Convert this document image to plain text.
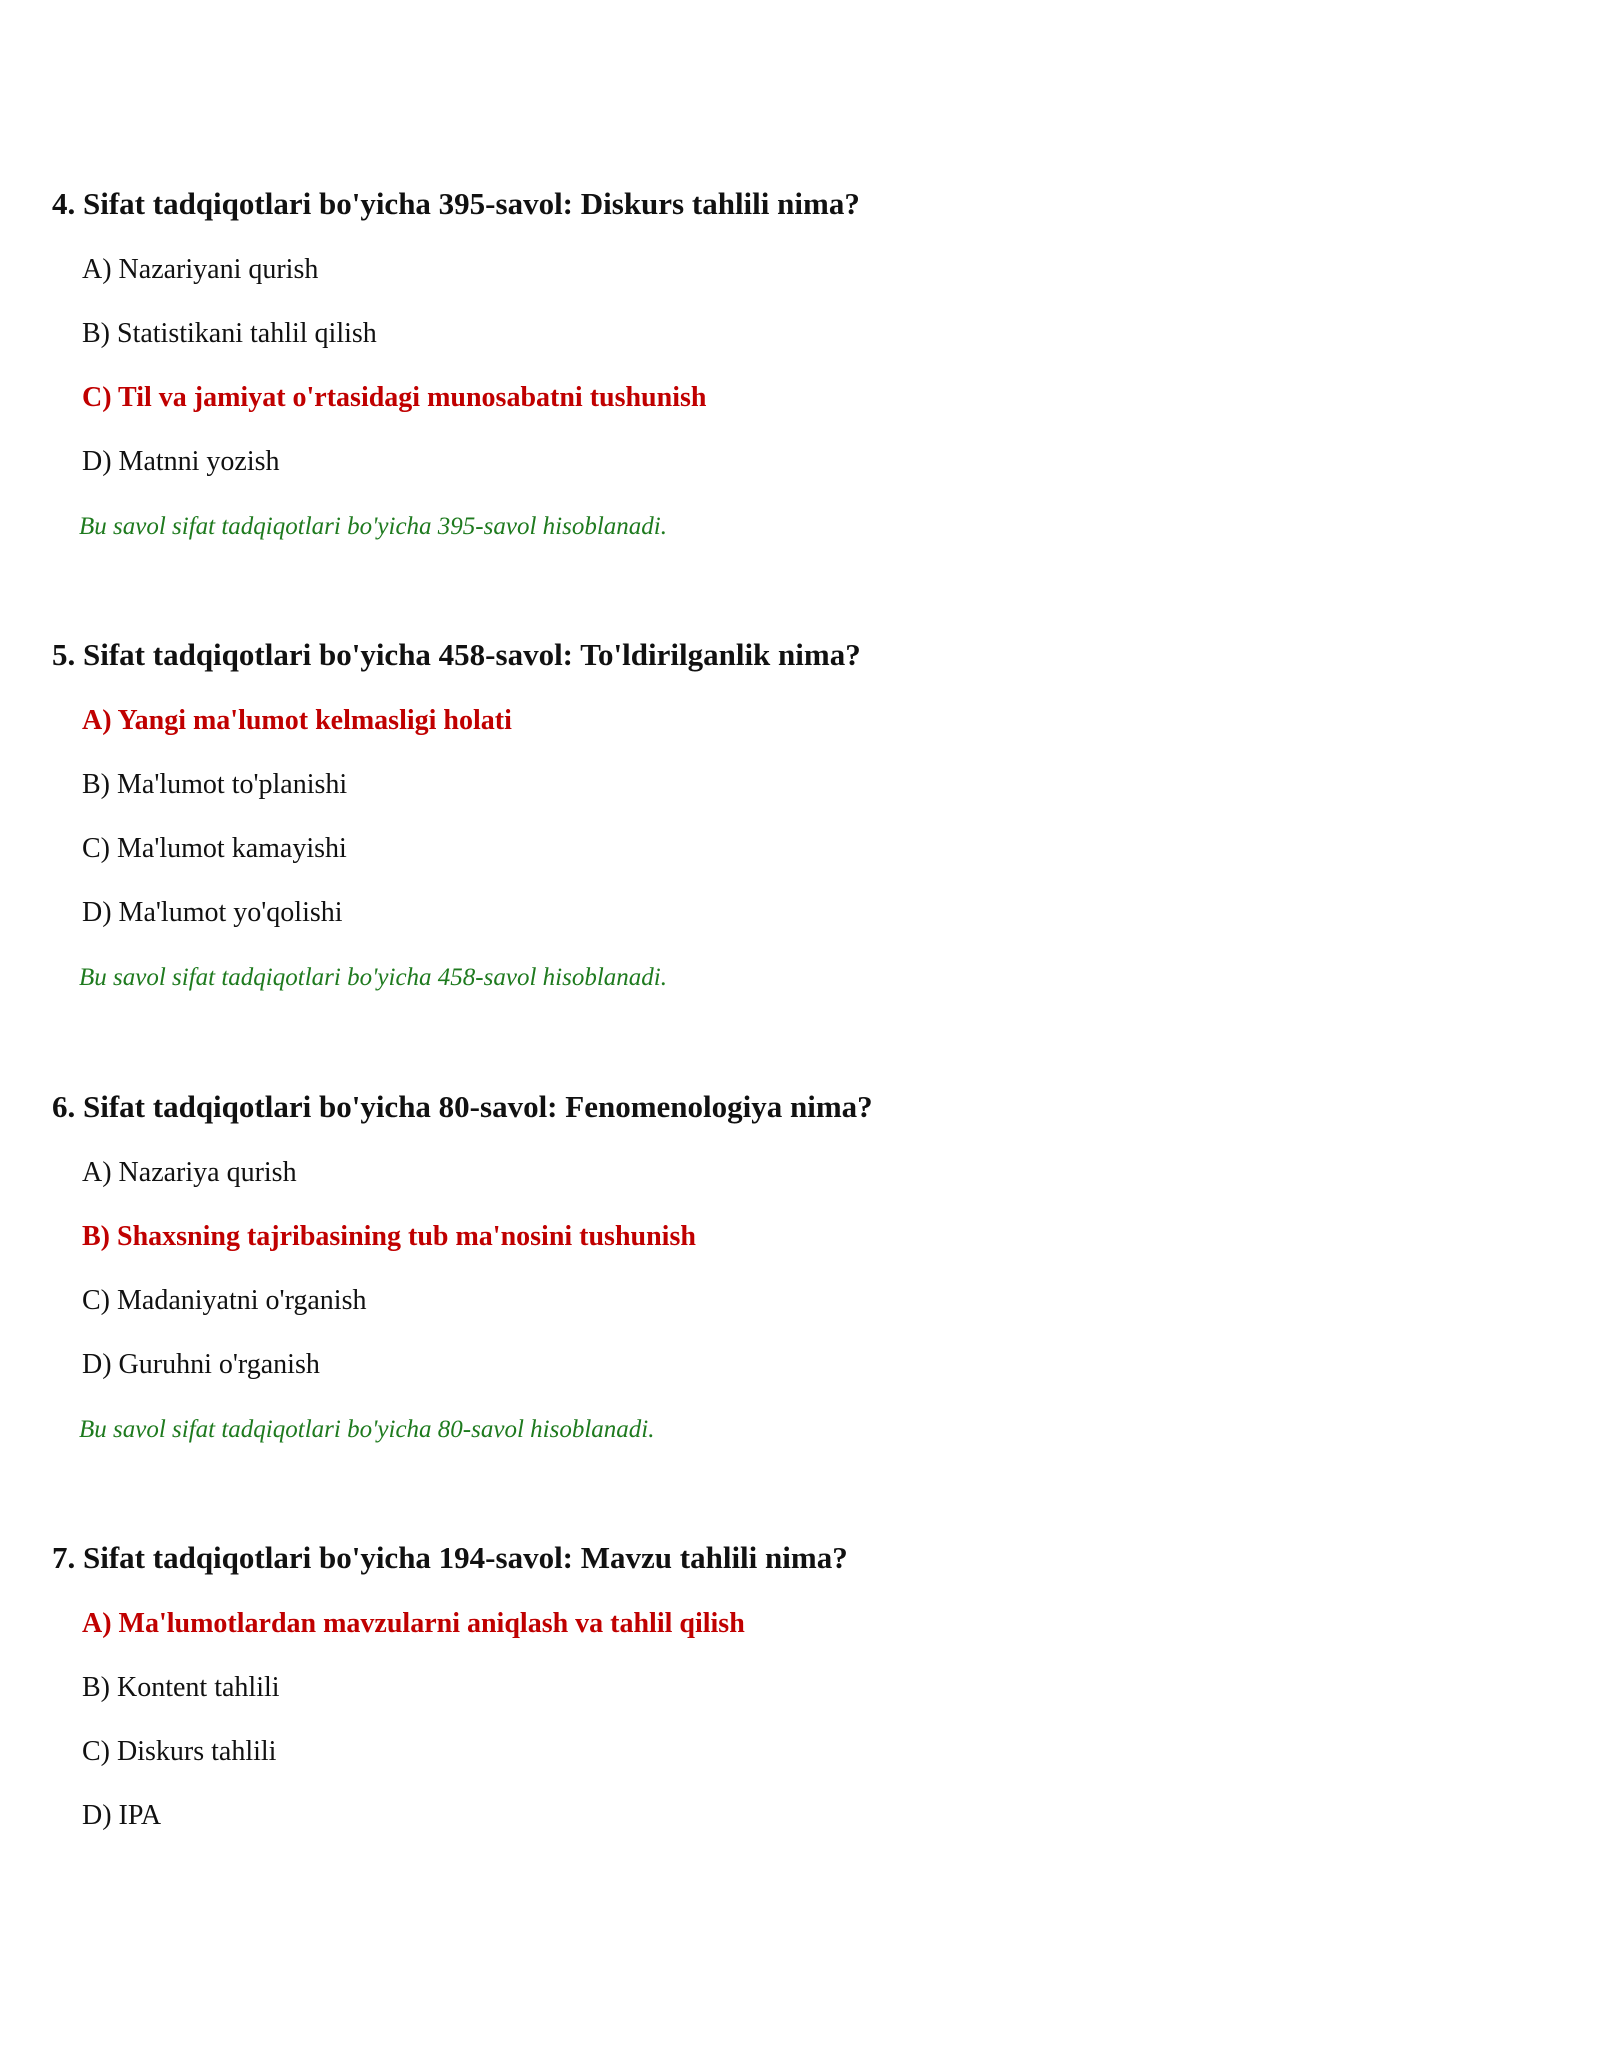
4. Sifat tadqiqotlari bo'yicha 395-savol: Diskurs tahlili nima?
A) Nazariyani qurish
B) Statistikani tahlil qilish
C) Til va jamiyat o'rtasidagi munosabatni tushunish
D) Matnni yozish
Bu savol sifat tadqiqotlari bo'yicha 395-savol hisoblanadi.
5. Sifat tadqiqotlari bo'yicha 458-savol: To'ldirilganlik nima?
A) Yangi ma'lumot kelmasligi holati
B) Ma'lumot to'planishi
C) Ma'lumot kamayishi
D) Ma'lumot yo'qolishi
Bu savol sifat tadqiqotlari bo'yicha 458-savol hisoblanadi.
6. Sifat tadqiqotlari bo'yicha 80-savol: Fenomenologiya nima?
A) Nazariya qurish
B) Shaxsning tajribasining tub ma'nosini tushunish
C) Madaniyatni o'rganish
D) Guruhni o'rganish
Bu savol sifat tadqiqotlari bo'yicha 80-savol hisoblanadi.
7. Sifat tadqiqotlari bo'yicha 194-savol: Mavzu tahlili nima?
A) Ma'lumotlardan mavzularni aniqlash va tahlil qilish
B) Kontent tahlili
C) Diskurs tahlili
D) IPA
